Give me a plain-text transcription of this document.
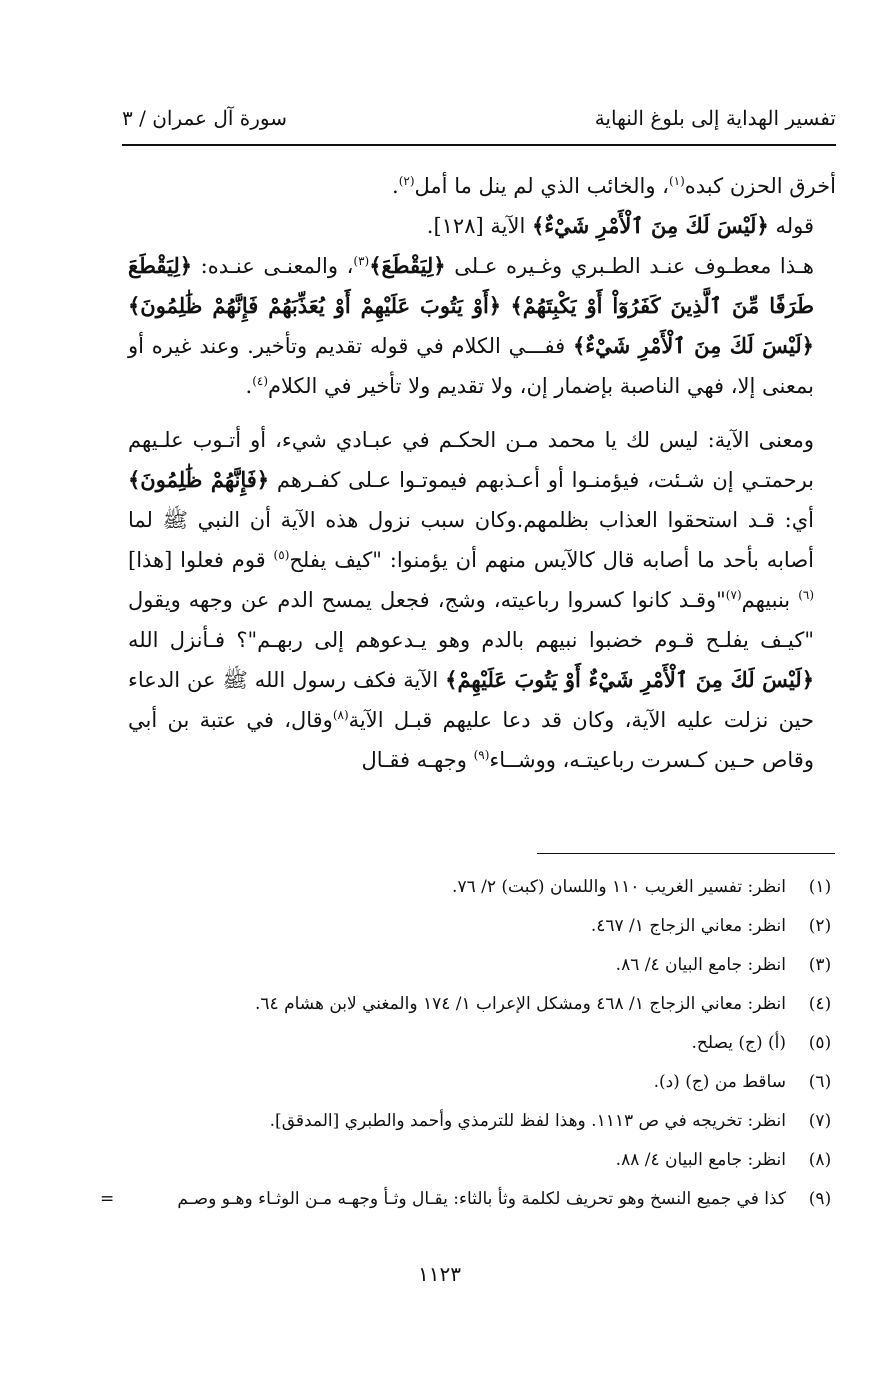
تفسير الهداية إلى بلوغ النهاية
سورة آل عمران / ٣

أخرق الحزن كبده$^{(١)}$، والخائب الذي لم ينل ما أمل$^{(٢)}$.

قوله ﴿لَيْسَ لَكَ مِنَ ٱلْأَمْرِ شَيْءٌ﴾ الآية [١٢٨].

هـذا معطـوف عنـد الطـبري وغـيره عـلى ﴿لِيَقْطَعَ﴾$^{(٣)}$، والمعنـى عنـده: ﴿لِيَقْطَعَ طَرَفًا مِّنَ ٱلَّذِينَ كَفَرُوٓاْ أَوْ يَكْبِتَهُمْ﴾ ﴿أَوْ يَتُوبَ عَلَيْهِمْ أَوْ يُعَذِّبَهُمْ فَإِنَّهُمْ ظَٰلِمُونَ﴾ ﴿لَيْسَ لَكَ مِنَ ٱلْأَمْرِ شَيْءٌ﴾ ففـــي الكلام في قوله تقديم وتأخير. وعند غيره أو بمعنى إلا، فهي الناصبة بإضمار إن، ولا تقديم ولا تأخير في الكلام$^{(٤)}$.

ومعنى الآية: ليس لك يا محمد مـن الحكـم في عبـادي شيء، أو أتـوب علـيهم برحمتـي إن شـئت، فيؤمنـوا أو أعـذبهم فيموتـوا عـلى كفـرهم ﴿فَإِنَّهُمْ ظَٰلِمُونَ﴾ أي: قـد استحقوا العذاب بظلمهم.وكان سبب نزول هذه الآية أن النبي ﷺ لما أصابه بأحد ما أصابه قال كالآيس منهم أن يؤمنوا: "كيف يفلح$^{(٥)}$ قوم فعلوا [هذا]$^{(٦)}$ بنبيهم$^{(٧)}$"وقـد كانوا كسروا رباعيته، وشج، فجعل يمسح الدم عن وجهه ويقول "كيـف يفلـح قـوم خضبوا نبيهم بالدم وهو يـدعوهم إلى ربهـم"؟ فـأنزل الله ﴿لَيْسَ لَكَ مِنَ ٱلْأَمْرِ شَيْءٌ أَوْ يَتُوبَ عَلَيْهِمْ﴾ الآية فكف رسول الله ﷺ عن الدعاء حين نزلت عليه الآية، وكان قد دعا عليهم قبـل الآية$^{(٨)}$وقال، في عتبة بن أبي وقاص حـين كـسرت رباعيتـه، ووشــاء$^{(٩)}$ وجهـه فقـال

(١)انظر: تفسير الغريب ١١٠ واللسان (كبت) ٢/ ٧٦.
(٢)انظر: معاني الزجاج ١/ ٤٦٧.
(٣)انظر: جامع البيان ٤/ ٨٦.
(٤)انظر: معاني الزجاج ١/ ٤٦٨ ومشكل الإعراب ١/ ١٧٤ والمغني لابن هشام ٦٤.
(٥)(أ) (ج) يصلح.
(٦)ساقط من (ج) (د).
(٧)انظر: تخريجه في ص ١١١٣. وهذا لفظ للترمذي وأحمد والطبري [المدقق].
(٨)انظر: جامع البيان ٤/ ٨٨.
(٩)كذا في جميع النسخ وهو تحريف لكلمة وثأ بالثاء: يقـال وثـأ وجهـه مـن الوثـاء وهـو وصـم
=
١١٢٣
